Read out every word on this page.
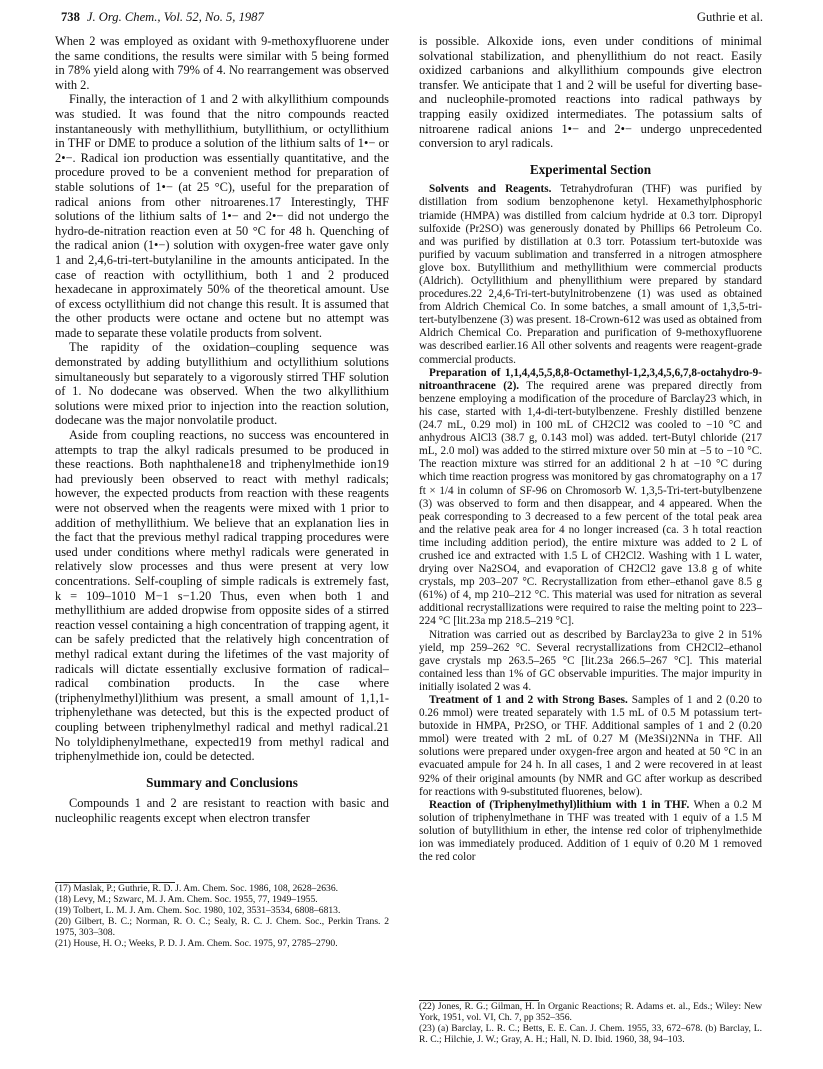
738 J. Org. Chem., Vol. 52, No. 5, 1987	Guthrie et al.

When 2 was employed as oxidant with 9-methoxyfluorene under the same conditions, the results were similar with 5 being formed in 78% yield along with 79% of 4. No rearrangement was observed with 2.

Finally, the interaction of 1 and 2 with alkyllithium compounds was studied. It was found that the nitro compounds reacted instantaneously with methyllithium, butyllithium, or octyllithium in THF or DME to produce a solution of the lithium salts of 1•− or 2•−. Radical ion production was essentially quantitative, and the procedure proved to be a convenient method for preparation of stable solutions of 1•− (at 25 °C), useful for the preparation of radical anions from other nitroarenes.17 Interestingly, THF solutions of the lithium salts of 1•− and 2•− did not undergo the hydro-de-nitration reaction even at 50 °C for 48 h. Quenching of the radical anion (1•−) solution with oxygen-free water gave only 1 and 2,4,6-tri-tert-butylaniline in the amounts anticipated. In the case of reaction with octyllithium, both 1 and 2 produced hexadecane in approximately 50% of the theoretical amount. Use of excess octyllithium did not change this result. It is assumed that the other products were octane and octene but no attempt was made to separate these volatile products from solvent.

The rapidity of the oxidation–coupling sequence was demonstrated by adding butyllithium and octyllithium solutions simultaneously but separately to a vigorously stirred THF solution of 1. No dodecane was observed. When the two alkyllithium solutions were mixed prior to injection into the reaction solution, dodecane was the major nonvolatile product.

Aside from coupling reactions, no success was encountered in attempts to trap the alkyl radicals presumed to be produced in these reactions. Both naphthalene18 and triphenylmethide ion19 had previously been observed to react with methyl radicals; however, the expected products from reaction with these reagents were not observed when the reagents were mixed with 1 prior to addition of methyllithium. We believe that an explanation lies in the fact that the previous methyl radical trapping procedures were used under conditions where methyl radicals were generated in relatively slow processes and thus were present at very low concentrations. Self-coupling of simple radicals is extremely fast, k = 109–1010 M−1 s−1.20 Thus, even when both 1 and methyllithium are added dropwise from opposite sides of a stirred reaction vessel containing a high concentration of trapping agent, it can be safely predicted that the relatively high concentration of methyl radical extant during the lifetimes of the vast majority of radicals will dictate essentially exclusive formation of radical–radical combination products. In the case where (triphenylmethyl)lithium was present, a small amount of 1,1,1-triphenylethane was detected, but this is the expected product of coupling between triphenylmethyl radical and methyl radical.21 No tolyldiphenylmethane, expected19 from methyl radical and triphenylmethide ion, could be detected.

Summary and Conclusions

Compounds 1 and 2 are resistant to reaction with basic and nucleophilic reagents except when electron transfer

(17) Maslak, P.; Guthrie, R. D. J. Am. Chem. Soc. 1986, 108, 2628–2636.
(18) Levy, M.; Szwarc, M. J. Am. Chem. Soc. 1955, 77, 1949–1955.
(19) Tolbert, L. M. J. Am. Chem. Soc. 1980, 102, 3531–3534, 6808–6813.
(20) Gilbert, B. C.; Norman, R. O. C.; Sealy, R. C. J. Chem. Soc., Perkin Trans. 2 1975, 303–308.
(21) House, H. O.; Weeks, P. D. J. Am. Chem. Soc. 1975, 97, 2785–2790.

is possible. Alkoxide ions, even under conditions of minimal solvational stabilization, and phenyllithium do not react. Easily oxidized carbanions and alkyllithium compounds give electron transfer. We anticipate that 1 and 2 will be useful for diverting base- and nucleophile-promoted reactions into radical pathways by trapping easily oxidized intermediates. The potassium salts of nitroarene radical anions 1•− and 2•− undergo unprecedented conversion to aryl radicals.

Experimental Section

Solvents and Reagents. Tetrahydrofuran (THF) was purified by distillation from sodium benzophenone ketyl. Hexamethylphosphoric triamide (HMPA) was distilled from calcium hydride at 0.3 torr. Dipropyl sulfoxide (Pr2SO) was generously donated by Phillips 66 Petroleum Co. and was purified by distillation at 0.3 torr. Potassium tert-butoxide was purified by vacuum sublimation and transferred in a nitrogen atmosphere glove box. Butyllithium and methyllithium were commercial products (Aldrich). Octyllithium and phenyllithium were prepared by standard procedures.22 2,4,6-Tri-tert-butylnitrobenzene (1) was used as obtained from Aldrich Chemical Co. In some batches, a small amount of 1,3,5-tri-tert-butylbenzene (3) was present. 18-Crown-612 was used as obtained from Aldrich Chemical Co. Preparation and purification of 9-methoxyfluorene was described earlier.16 All other solvents and reagents were reagent-grade commercial products.

Preparation of 1,1,4,4,5,5,8,8-Octamethyl-1,2,3,4,5,6,7,8-octahydro-9-nitroanthracene (2). The required arene was prepared directly from benzene employing a modification of the procedure of Barclay23 which, in his case, started with 1,4-di-tert-butylbenzene. Freshly distilled benzene (24.7 mL, 0.29 mol) in 100 mL of CH2Cl2 was cooled to −10 °C and anhydrous AlCl3 (38.7 g, 0.143 mol) was added. tert-Butyl chloride (217 mL, 2.0 mol) was added to the stirred mixture over 50 min at −5 to −10 °C. The reaction mixture was stirred for an additional 2 h at −10 °C during which time reaction progress was monitored by gas chromatography on a 17 ft × 1/4 in column of SF-96 on Chromosorb W. 1,3,5-Tri-tert-butylbenzene (3) was observed to form and then disappear, and 4 appeared. When the peak corresponding to 3 decreased to a few percent of the total peak area and the relative peak area for 4 no longer increased (ca. 3 h total reaction time including addition period), the entire mixture was added to 2 L of crushed ice and extracted with 1.5 L of CH2Cl2. Washing with 1 L water, drying over Na2SO4, and evaporation of CH2Cl2 gave 13.8 g of white crystals, mp 203–207 °C. Recrystallization from ether–ethanol gave 8.5 g (61%) of 4, mp 210–212 °C. This material was used for nitration as several additional recrystallizations were required to raise the melting point to 223–224 °C [lit.23a mp 218.5–219 °C].

Nitration was carried out as described by Barclay23a to give 2 in 51% yield, mp 259–262 °C. Several recrystallizations from CH2Cl2–ethanol gave crystals mp 263.5–265 °C [lit.23a 266.5–267 °C]. This material contained less than 1% of GC observable impurities. The major impurity in initially isolated 2 was 4.

Treatment of 1 and 2 with Strong Bases. Samples of 1 and 2 (0.20 to 0.26 mmol) were treated separately with 1.5 mL of 0.5 M potassium tert-butoxide in HMPA, Pr2SO, or THF. Additional samples of 1 and 2 (0.20 mmol) were treated with 2 mL of 0.27 M (Me3Si)2NNa in THF. All solutions were prepared under oxygen-free argon and heated at 50 °C in an evacuated ampule for 24 h. In all cases, 1 and 2 were recovered in at least 92% of their original amounts (by NMR and GC after workup as described for reactions with 9-substituted fluorenes, below).

Reaction of (Triphenylmethyl)lithium with 1 in THF. When a 0.2 M solution of triphenylmethane in THF was treated with 1 equiv of a 1.5 M solution of butyllithium in ether, the intense red color of triphenylmethide ion was immediately produced. Addition of 1 equiv of 0.20 M 1 removed the red color

(22) Jones, R. G.; Gilman, H. In Organic Reactions; R. Adams et. al., Eds.; Wiley: New York, 1951, vol. VI, Ch. 7, pp 352–356.
(23) (a) Barclay, L. R. C.; Betts, E. E. Can. J. Chem. 1955, 33, 672–678. (b) Barclay, L. R. C.; Hilchie, J. W.; Gray, A. H.; Hall, N. D. Ibid. 1960, 38, 94–103.
